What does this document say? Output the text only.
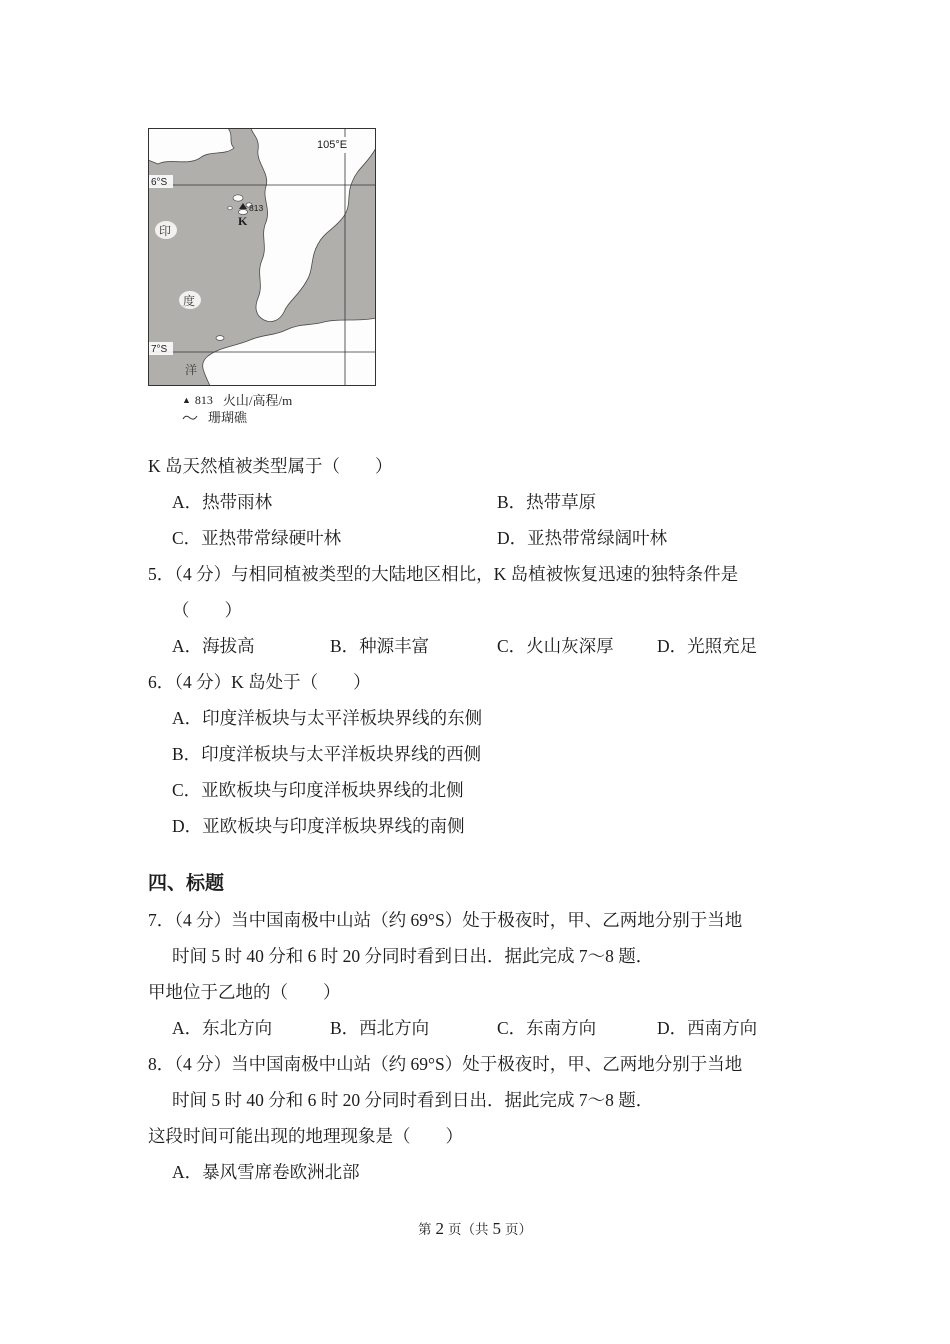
105°E
6°S
7°S
813
K
印
度
洋
▲ 813 火山/高程/m
珊瑚礁
K 岛天然植被类型属于（　　）
A．热带雨林	B．热带草原
C．亚热带常绿硬叶林	D．亚热带常绿阔叶林
5．（4 分）与相同植被类型的大陆地区相比，K 岛植被恢复迅速的独特条件是
（　　）
A．海拔高	B．种源丰富	C．火山灰深厚	D．光照充足
6．（4 分）K 岛处于（　　）
A．印度洋板块与太平洋板块界线的东侧
B．印度洋板块与太平洋板块界线的西侧
C．亚欧板块与印度洋板块界线的北侧
D．亚欧板块与印度洋板块界线的南侧
四、标题
7．（4 分）当中国南极中山站（约 69°S）处于极夜时，甲、乙两地分别于当地
时间 5 时 40 分和 6 时 20 分同时看到日出．据此完成 7～8 题．
甲地位于乙地的（　　）
A．东北方向	B．西北方向	C．东南方向	D．西南方向
8．（4 分）当中国南极中山站（约 69°S）处于极夜时，甲、乙两地分别于当地
时间 5 时 40 分和 6 时 20 分同时看到日出．据此完成 7～8 题．
这段时间可能出现的地理现象是（　　）
A．暴风雪席卷欧洲北部
第 2 页（共 5 页）
